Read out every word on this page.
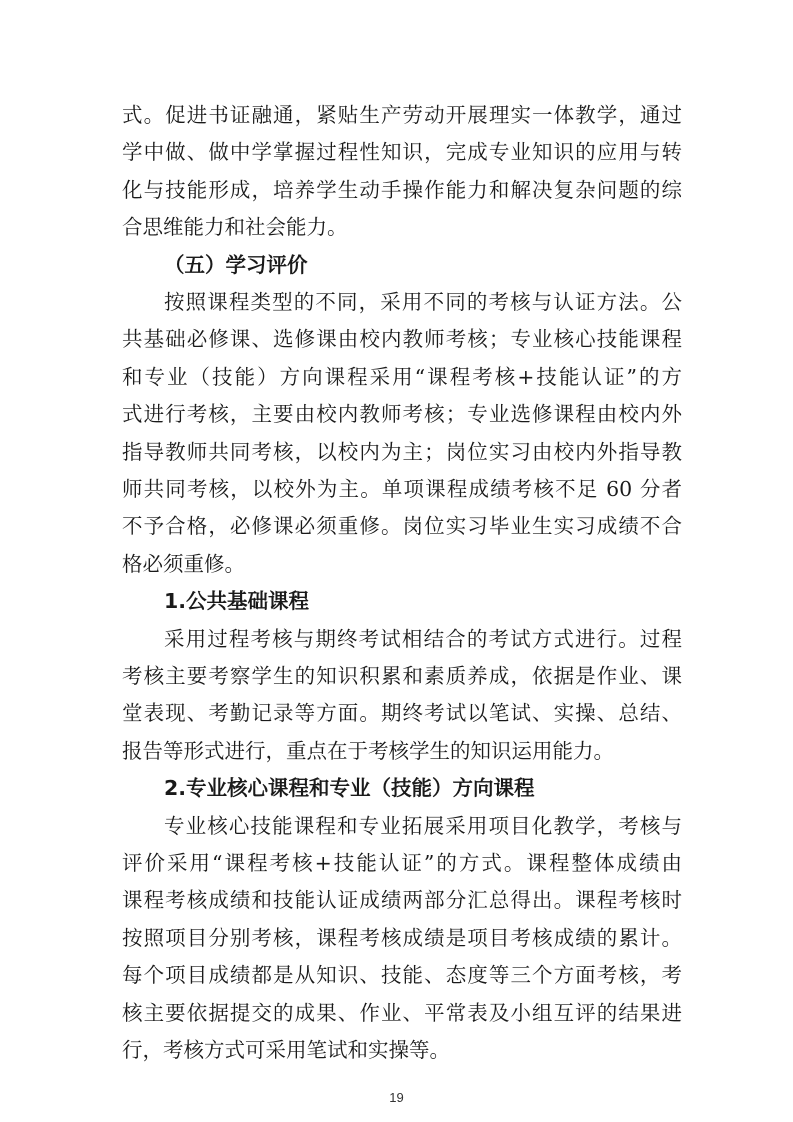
式。促进书证融通，紧贴生产劳动开展理实一体教学，通过
学中做、做中学掌握过程性知识，完成专业知识的应用与转
化与技能形成，培养学生动手操作能力和解决复杂问题的综
合思维能力和社会能力。
（五）学习评价
按照课程类型的不同，采用不同的考核与认证方法。公
共基础必修课、选修课由校内教师考核；专业核心技能课程
和专业（技能）方向课程采用“课程考核+技能认证”的方
式进行考核，主要由校内教师考核；专业选修课程由校内外
指导教师共同考核，以校内为主；岗位实习由校内外指导教
师共同考核，以校外为主。单项课程成绩考核不足 60 分者
不予合格，必修课必须重修。岗位实习毕业生实习成绩不合
格必须重修。
1.公共基础课程
采用过程考核与期终考试相结合的考试方式进行。过程
考核主要考察学生的知识积累和素质养成，依据是作业、课
堂表现、考勤记录等方面。期终考试以笔试、实操、总结、
报告等形式进行，重点在于考核学生的知识运用能力。
2.专业核心课程和专业（技能）方向课程
专业核心技能课程和专业拓展采用项目化教学，考核与
评价采用“课程考核+技能认证”的方式。课程整体成绩由
课程考核成绩和技能认证成绩两部分汇总得出。课程考核时
按照项目分别考核，课程考核成绩是项目考核成绩的累计。
每个项目成绩都是从知识、技能、态度等三个方面考核，考
核主要依据提交的成果、作业、平常表及小组互评的结果进
行，考核方式可采用笔试和实操等。
19
